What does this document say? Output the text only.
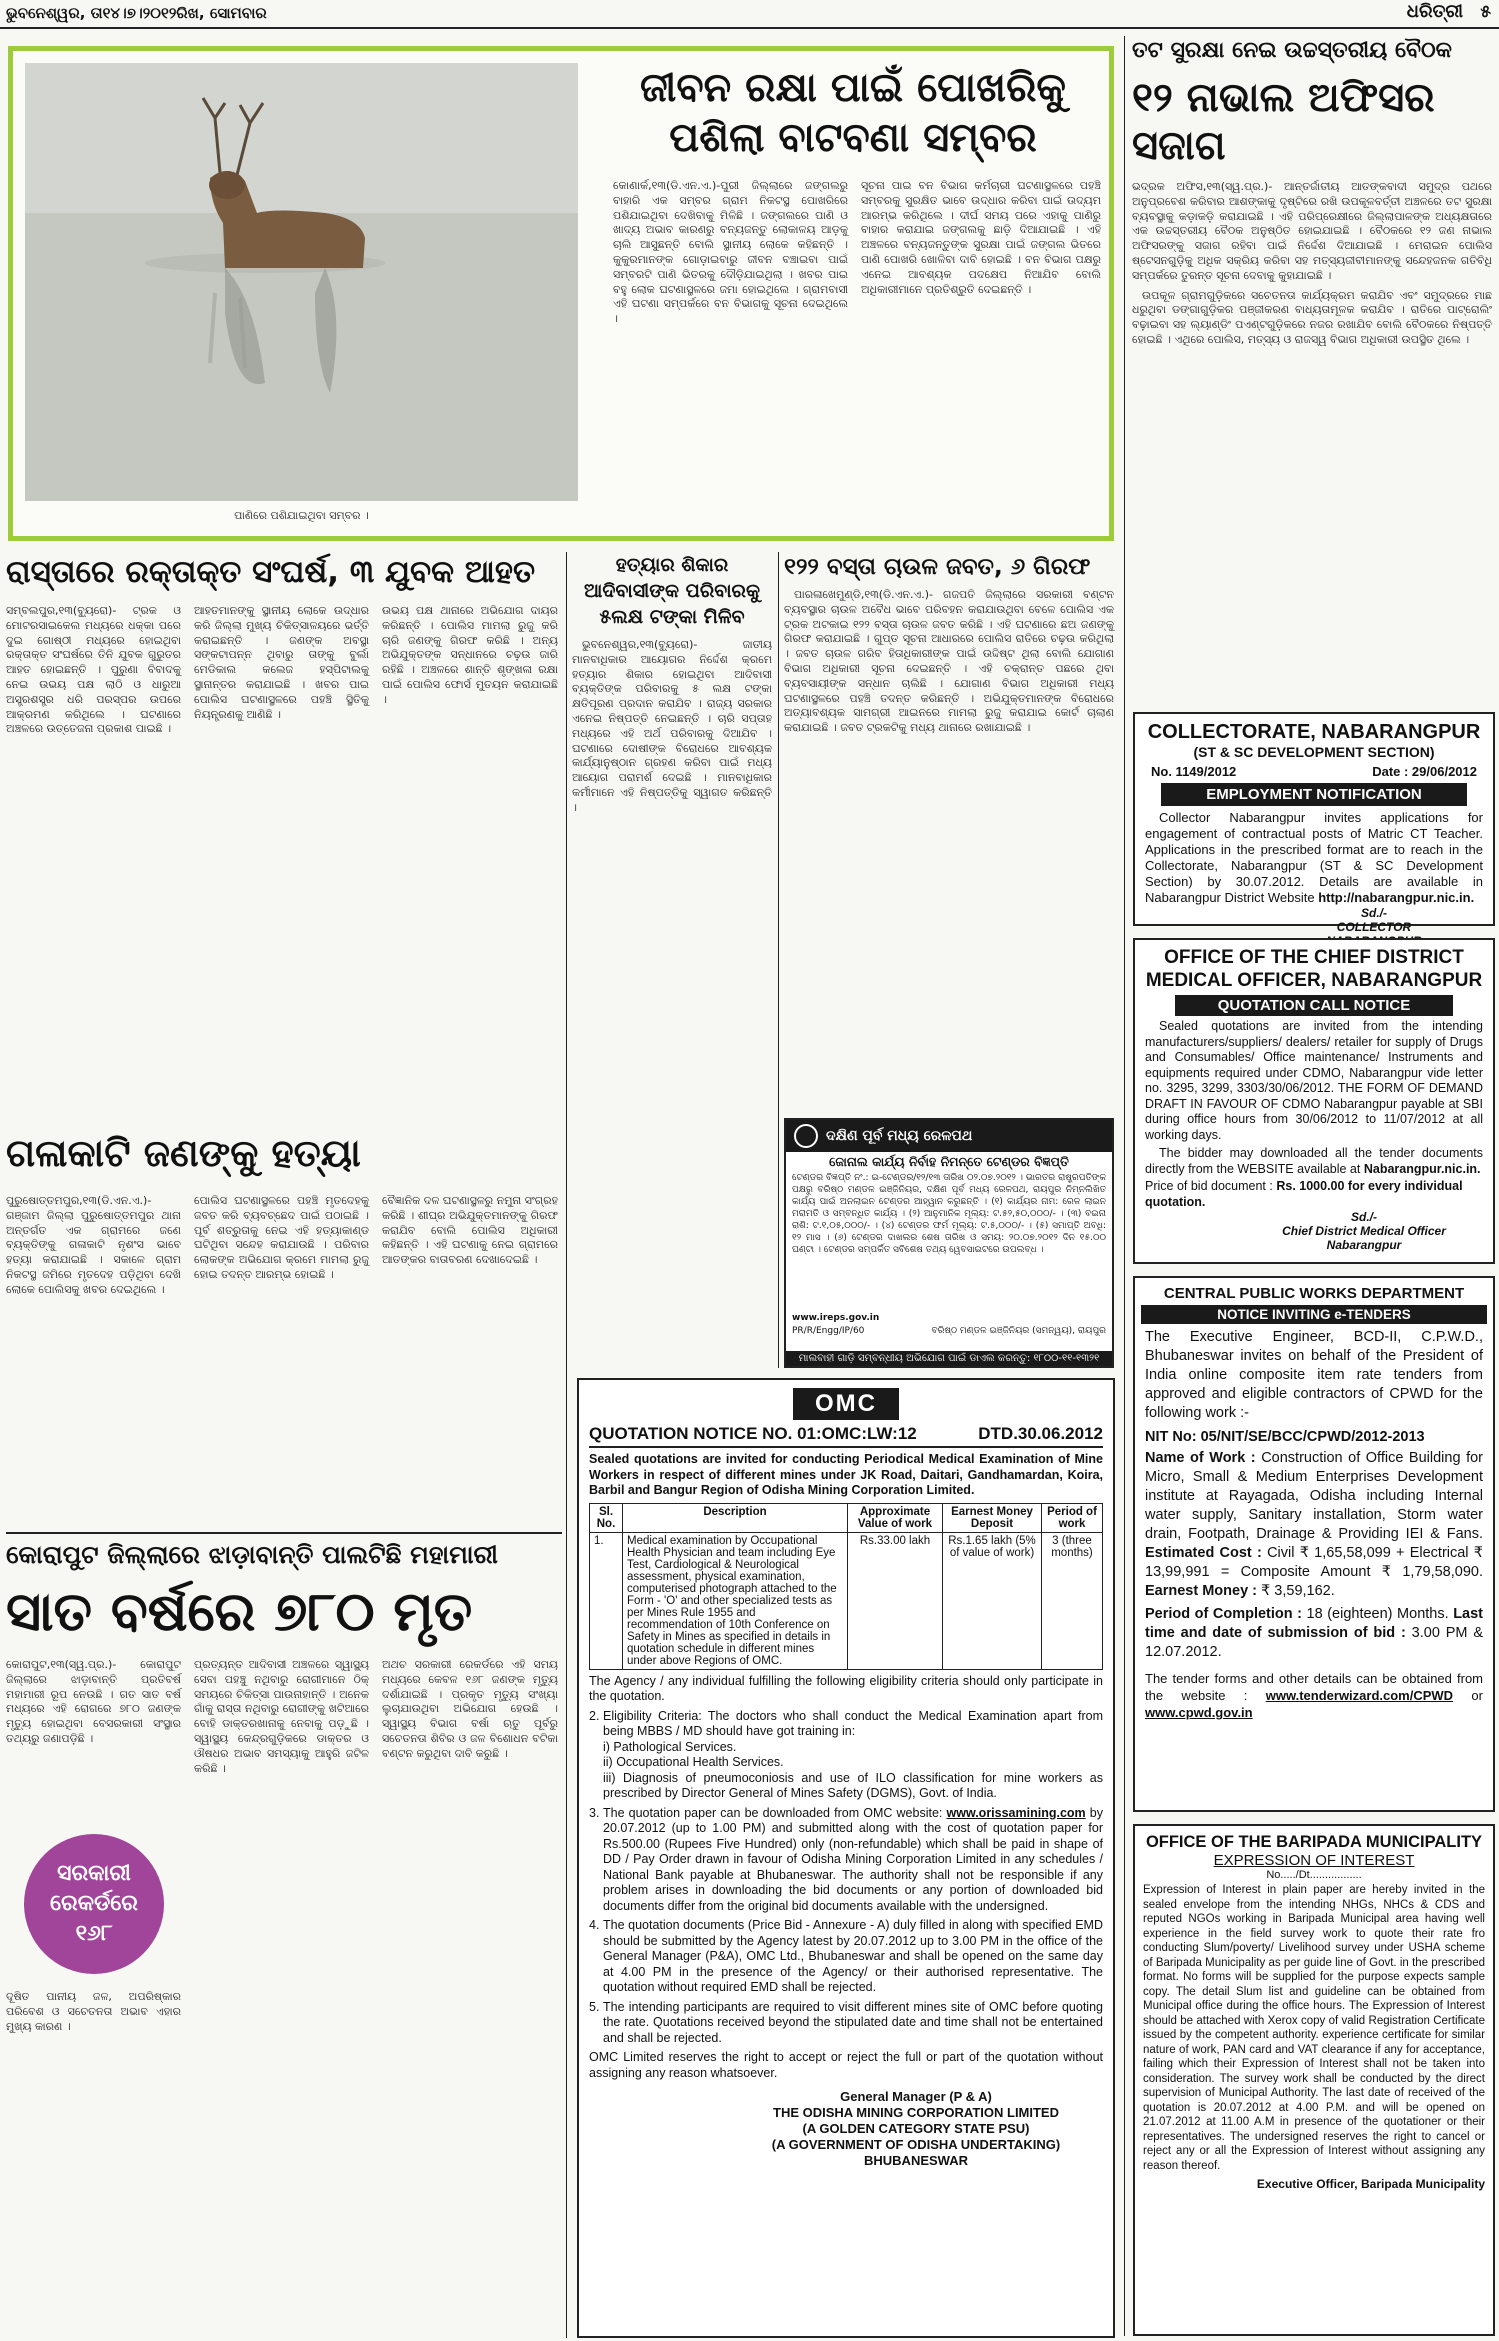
ଭୁବନେଶ୍ୱର, ତା୧୪।୭।୨୦୧୨ରିଖ, ସୋମବାର	ଧରିତ୍ରୀ ୫
ପାଣିରେ ପଶିଯାଇଥିବା ସମ୍ବର ।
ଜୀବନ ରକ୍ଷା ପାଇଁ ପୋଖରିକୁ ପଶିଲା ବାଟବଣା ସମ୍ବର
କୋଣାର୍କ,୧୩(ଡି.ଏନ.ଏ.)-ପୁରୀ ଜିଲ୍ଲାରେ ଜଙ୍ଗଲରୁ ବାହାରି ଏକ ସମ୍ବର ଗ୍ରାମ ନିକଟସ୍ଥ ପୋଖରିରେ ପଶିଯାଇଥିବା ଦେଖିବାକୁ ମିଳିଛି । ଜଙ୍ଗଲରେ ପାଣି ଓ ଖାଦ୍ୟ ଅଭାବ କାରଣରୁ ବନ୍ୟଜନ୍ତୁ ଲୋକାଳୟ ଆଡ଼କୁ ଚାଲି ଆସୁଛନ୍ତି ବୋଲି ସ୍ଥାନୀୟ ଲୋକେ କହିଛନ୍ତି । କୁକୁରମାନଙ୍କ ଗୋଡ଼ାଇବାରୁ ଜୀବନ ବଞ୍ଚାଇବା ପାଇଁ ସମ୍ବରଟି ପାଣି ଭିତରକୁ ଦୌଡ଼ିଯାଇଥିଲା । ଖବର ପାଇ ବହୁ ଲୋକ ଘଟଣାସ୍ଥଳରେ ଜମା ହୋଇଥିଲେ । ଗ୍ରାମବାସୀ ଏହି ଘଟଣା ସମ୍ପର୍କରେ ବନ ବିଭାଗକୁ ସୂଚନା ଦେଇଥିଲେ ।
ସୂଚନା ପାଇ ବନ ବିଭାଗ କର୍ମଚାରୀ ଘଟଣାସ୍ଥଳରେ ପହଞ୍ଚି ସମ୍ବରକୁ ସୁରକ୍ଷିତ ଭାବେ ଉଦ୍ଧାର କରିବା ପାଇଁ ଉଦ୍ୟମ ଆରମ୍ଭ କରିଥିଲେ । ଦୀର୍ଘ ସମୟ ପରେ ଏହାକୁ ପାଣିରୁ ବାହାର କରାଯାଇ ଜଙ୍ଗଲକୁ ଛାଡ଼ି ଦିଆଯାଇଛି । ଏହି ଅଞ୍ଚଳରେ ବନ୍ୟଜନ୍ତୁଙ୍କ ସୁରକ୍ଷା ପାଇଁ ଜଙ୍ଗଲ ଭିତରେ ପାଣି ପୋଖରି ଖୋଳିବା ଦାବି ହୋଇଛି । ବନ ବିଭାଗ ପକ୍ଷରୁ ଏନେଇ ଆବଶ୍ୟକ ପଦକ୍ଷେପ ନିଆଯିବ ବୋଲି ଅଧିକାରୀମାନେ ପ୍ରତିଶ୍ରୁତି ଦେଇଛନ୍ତି ।
ତଟ ସୁରକ୍ଷା ନେଇ ଉଚ୍ଚସ୍ତରୀୟ ବୈଠକ
୧୨ ନାଭାଲ ଅଫିସର ସଜାଗ
ଭଦ୍ରକ ଅଫିସ,୧୩(ସ୍ୱ.ପ୍ର.)- ଆନ୍ତର୍ଜାତୀୟ ଆତଙ୍କବାଦୀ ସମୁଦ୍ର ପଥରେ ଅନୁପ୍ରବେଶ କରିବାର ଆଶଙ୍କାକୁ ଦୃଷ୍ଟିରେ ରଖି ଉପକୂଳବର୍ତ୍ତୀ ଅଞ୍ଚଳରେ ତଟ ସୁରକ୍ଷା ବ୍ୟବସ୍ଥାକୁ କଡ଼ାକଡ଼ି କରାଯାଇଛି । ଏହି ପରିପ୍ରେକ୍ଷୀରେ ଜିଲ୍ଲାପାଳଙ୍କ ଅଧ୍ୟକ୍ଷତାରେ ଏକ ଉଚ୍ଚସ୍ତରୀୟ ବୈଠକ ଅନୁଷ୍ଠିତ ହୋଇଯାଇଛି । ବୈଠକରେ ୧୨ ଜଣ ନାଭାଲ ଅଫିସରଙ୍କୁ ସଜାଗ ରହିବା ପାଇଁ ନିର୍ଦ୍ଦେଶ ଦିଆଯାଇଛି । ମେରାଇନ ପୋଲିସ ଷ୍ଟେସନଗୁଡ଼ିକୁ ଅଧିକ ସକ୍ରିୟ କରିବା ସହ ମତ୍ସ୍ୟଜୀବୀମାନଙ୍କୁ ସନ୍ଦେହଜନକ ଗତିବିଧି ସମ୍ପର୍କରେ ତୁରନ୍ତ ସୂଚନା ଦେବାକୁ କୁହାଯାଇଛି ।
ଉପକୂଳ ଗ୍ରାମଗୁଡ଼ିକରେ ସଚେତନତା କାର୍ଯ୍ୟକ୍ରମ କରାଯିବ ଏବଂ ସମୁଦ୍ରରେ ମାଛ ଧରୁଥିବା ଡଙ୍ଗାଗୁଡ଼ିକର ପଞ୍ଜୀକରଣ ବାଧ୍ୟତାମୂଳକ କରାଯିବ । ରାତିରେ ପାଟ୍ରୋଲିଂ ବଢ଼ାଇବା ସହ ଲ୍ୟାଣ୍ଡିଂ ପଏଣ୍ଟଗୁଡ଼ିକରେ ନଜର ରଖାଯିବ ବୋଲି ବୈଠକରେ ନିଷ୍ପତ୍ତି ହୋଇଛି । ଏଥିରେ ପୋଲିସ, ମତ୍ସ୍ୟ ଓ ରାଜସ୍ୱ ବିଭାଗ ଅଧିକାରୀ ଉପସ୍ଥିତ ଥିଲେ ।
COLLECTORATE, NABARANGPUR
(ST & SC DEVELOPMENT SECTION)
No. 1149/2012	Date : 29/06/2012
EMPLOYMENT NOTIFICATION
Collector Nabarangpur invites applications for engagement of contractual posts of Matric CT Teacher. Applications in the prescribed format are to reach in the Collectorate, Nabarangpur (ST & SC Development Section) by 30.07.2012. Details are available in Nabarangpur District Website http://nabarangpur.nic.in.
Sd./-
COLLECTOR
OFFICE OF THE CHIEF DISTRICT MEDICAL OFFICER, NABARANGPUR
QUOTATION CALL NOTICE
Sealed quotations are invited from the intending manufacturers/suppliers/ dealers/ retailer for supply of Drugs and Consumables/ Office maintenance/ Instruments and equipments required under CDMO, Nabarangpur vide letter no. 3295, 3299, 3303/30/06/2012. THE FORM OF DEMAND DRAFT IN FAVOUR OF CDMO Nabarangpur payable at SBI during office hours from 30/06/2012 to 11/07/2012 at all working days.
The bidder may downloaded all the tender documents directly from the WEBSITE available at Nabarangpur.nic.in.
Price of bid document : Rs. 1000.00 for every individual quotation.
Sd./-
Chief District Medical Officer
Nabarangpur
CENTRAL PUBLIC WORKS DEPARTMENT
NOTICE INVITING e-TENDERS
The Executive Engineer, BCD-II, C.P.W.D., Bhubaneswar invites on behalf of the President of India online composite item rate tenders from approved and eligible contractors of CPWD for the following work :-
NIT No: 05/NIT/SE/BCC/CPWD/2012-2013
Name of Work : Construction of Office Building for Micro, Small & Medium Enterprises Development institute at Rayagada, Odisha including Internal water supply, Sanitary installation, Storm water drain, Footpath, Drainage & Providing IEI & Fans. Estimated Cost : Civil ₹ 1,65,58,099 + Electrical ₹ 13,99,991 = Composite Amount ₹ 1,79,58,090. Earnest Money : ₹ 3,59,162.
Period of Completion : 18 (eighteen) Months. Last time and date of submission of bid : 3.00 PM & 12.07.2012.
The tender forms and other details can be obtained from the website : www.tenderwizard.com/CPWD or www.cpwd.gov.in
OFFICE OF THE BARIPADA MUNICIPALITY
EXPRESSION OF INTEREST
No...../Dt.................
Expression of Interest in plain paper are hereby invited in the sealed envelope from the intending NHGs, NHCs & CDS and reputed NGOs working in Baripada Municipal area having well experience in the field survey work to quote their rate fro conducting Slum/poverty/ Livelihood survey under USHA scheme of Baripada Municipality as per guide line of Govt. in the prescribed format. No forms will be supplied for the purpose expects sample copy. The detail Slum list and guideline can be obtained from Municipal office during the office hours. The Expression of Interest should be attached with Xerox copy of valid Registration Certificate issued by the competent authority. experience certificate for similar nature of work, PAN card and VAT clearance if any for acceptance, failing which their Expression of Interest shall not be taken into consideration. The survey work shall be conducted by the direct supervision of Municipal Authority. The last date of received of the quotation is 20.07.2012 at 4.00 P.M. and will be opened on 21.07.2012 at 11.00 A.M in presence of the quotationer or their representatives. The undersigned reserves the right to cancel or reject any or all the Expression of Interest without assigning any reason thereof.
Executive Officer, Baripada Municipality
ରାସ୍ତାରେ ରକ୍ତାକ୍ତ ସଂଘର୍ଷ, ୩ ଯୁବକ ଆହତ
ସମ୍ବଲପୁର,୧୩(ବ୍ୟୁରୋ)- ଟ୍ରକ ଓ ମୋଟରସାଇକେଲ ମଧ୍ୟରେ ଧକ୍କା ପରେ ଦୁଇ ଗୋଷ୍ଠୀ ମଧ୍ୟରେ ହୋଇଥିବା ରକ୍ତାକ୍ତ ସଂଘର୍ଷରେ ତିନି ଯୁବକ ଗୁରୁତର ଆହତ ହୋଇଛନ୍ତି । ପୁରୁଣା ବିବାଦକୁ ନେଇ ଉଭୟ ପକ୍ଷ ଲାଠି ଓ ଧାରୁଆ ଅସ୍ତ୍ରଶସ୍ତ୍ର ଧରି ପରସ୍ପର ଉପରେ ଆକ୍ରମଣ କରିଥିଲେ । ଘଟଣାରେ ଅଞ୍ଚଳରେ ଉତ୍ତେଜନା ପ୍ରକାଶ ପାଇଛି ।
ଆହତମାନଙ୍କୁ ସ୍ଥାନୀୟ ଲୋକେ ଉଦ୍ଧାର କରି ଜିଲ୍ଲା ମୁଖ୍ୟ ଚିକିତ୍ସାଳୟରେ ଭର୍ତ୍ତି କରାଇଛନ୍ତି । ଜଣଙ୍କ ଅବସ୍ଥା ସଙ୍କଟାପନ୍ନ ଥିବାରୁ ତାଙ୍କୁ ବୁର୍ଲା ମେଡିକାଲ କଲେଜ ହସ୍ପିଟାଲକୁ ସ୍ଥାନାନ୍ତର କରାଯାଇଛି । ଖବର ପାଇ ପୋଲିସ ଘଟଣାସ୍ଥଳରେ ପହଞ୍ଚି ସ୍ଥିତିକୁ ନିୟନ୍ତ୍ରଣକୁ ଆଣିଛି ।
ଉଭୟ ପକ୍ଷ ଥାନାରେ ଅଭିଯୋଗ ଦାୟର କରିଛନ୍ତି । ପୋଲିସ ମାମଲା ରୁଜୁ କରି ଚାରି ଜଣଙ୍କୁ ଗିରଫ କରିଛି । ଅନ୍ୟ ଅଭିଯୁକ୍ତଙ୍କ ସନ୍ଧାନରେ ଚଢ଼ଉ ଜାରି ରହିଛି । ଅଞ୍ଚଳରେ ଶାନ୍ତି ଶୃଙ୍ଖଳା ରକ୍ଷା ପାଇଁ ପୋଲିସ ଫୋର୍ସ ମୁତୟନ କରାଯାଇଛି ।
ଗଳାକାଟି ଜଣଙ୍କୁ ହତ୍ୟା
ପୁରୁଷୋତ୍ତମପୁର,୧୩(ଡି.ଏନ.ଏ.)- ଗଞ୍ଜାମ ଜିଲ୍ଲା ପୁରୁଷୋତ୍ତମପୁର ଥାନା ଅନ୍ତର୍ଗତ ଏକ ଗ୍ରାମରେ ଜଣେ ବ୍ୟକ୍ତିଙ୍କୁ ଗଳାକାଟି ନୃଶଂସ ଭାବେ ହତ୍ୟା କରାଯାଇଛି । ସକାଳେ ଗ୍ରାମ ନିକଟସ୍ଥ ଜମିରେ ମୃତଦେହ ପଡ଼ିଥିବା ଦେଖି ଲୋକେ ପୋଲିସକୁ ଖବର ଦେଇଥିଲେ ।
ପୋଲିସ ଘଟଣାସ୍ଥଳରେ ପହଞ୍ଚି ମୃତଦେହକୁ ଜବତ କରି ବ୍ୟବଚ୍ଛେଦ ପାଇଁ ପଠାଇଛି । ପୂର୍ବ ଶତ୍ରୁତାକୁ ନେଇ ଏହି ହତ୍ୟାକାଣ୍ଡ ଘଟିଥିବା ସନ୍ଦେହ କରାଯାଉଛି । ପରିବାର ଲୋକଙ୍କ ଅଭିଯୋଗ କ୍ରମେ ମାମଲା ରୁଜୁ ହୋଇ ତଦନ୍ତ ଆରମ୍ଭ ହୋଇଛି ।
ବୈଜ୍ଞାନିକ ଦଳ ଘଟଣାସ୍ଥଳରୁ ନମୁନା ସଂଗ୍ରହ କରିଛି । ଶୀଘ୍ର ଅଭିଯୁକ୍ତମାନଙ୍କୁ ଗିରଫ କରାଯିବ ବୋଲି ପୋଲିସ ଅଧିକାରୀ କହିଛନ୍ତି । ଏହି ଘଟଣାକୁ ନେଇ ଗ୍ରାମରେ ଆତଙ୍କର ବାତାବରଣ ଦେଖାଦେଇଛି ।
କୋରାପୁଟ ଜିଲ୍ଲାରେ ଝାଡ଼ାବାନ୍ତି ପାଲଟିଛି ମହାମାରୀ
ସାତ ବର୍ଷରେ ୭୮୦ ମୃତ
କୋରାପୁଟ,୧୩(ସ୍ୱ.ପ୍ର.)- କୋରାପୁଟ ଜିଲ୍ଲାରେ ଝାଡ଼ାବାନ୍ତି ପ୍ରତିବର୍ଷ ମହାମାରୀ ରୂପ ନେଉଛି । ଗତ ସାତ ବର୍ଷ ମଧ୍ୟରେ ଏହି ରୋଗରେ ୭୮୦ ଜଣଙ୍କ ମୃତ୍ୟୁ ହୋଇଥିବା ବେସରକାରୀ ସଂସ୍ଥାର ତଥ୍ୟରୁ ଜଣାପଡ଼ିଛି ।
ସରକାରୀ ରେକର୍ଡରେ ୧୬୮
ଦୂଷିତ ପାନୀୟ ଜଳ, ଅପରିଷ୍କାର ପରିବେଶ ଓ ସଚେତନତା ଅଭାବ ଏହାର ମୁଖ୍ୟ କାରଣ ।
ପ୍ରତ୍ୟନ୍ତ ଆଦିବାସୀ ଅଞ୍ଚଳରେ ସ୍ୱାସ୍ଥ୍ୟ ସେବା ପହଞ୍ଚୁ ନଥିବାରୁ ରୋଗୀମାନେ ଠିକ୍ ସମୟରେ ଚିକିତ୍ସା ପାଉନାହାନ୍ତି । ଅନେକ ଗାଁକୁ ରାସ୍ତା ନଥିବାରୁ ରୋଗୀଙ୍କୁ ଖଟିଆରେ ବୋହି ଡାକ୍ତରଖାନାକୁ ନେବାକୁ ପଡ଼ୁଛି । ସ୍ୱାସ୍ଥ୍ୟ କେନ୍ଦ୍ରଗୁଡ଼ିକରେ ଡାକ୍ତର ଓ ଔଷଧର ଅଭାବ ସମସ୍ୟାକୁ ଆହୁରି ଜଟିଳ କରିଛି ।
ଅଥଚ ସରକାରୀ ରେକର୍ଡରେ ଏହି ସମୟ ମଧ୍ୟରେ କେବଳ ୧୬୮ ଜଣଙ୍କ ମୃତ୍ୟୁ ଦର୍ଶାଯାଇଛି । ପ୍ରକୃତ ମୃତ୍ୟୁ ସଂଖ୍ୟା ଲୁଚାଯାଉଥିବା ଅଭିଯୋଗ ହେଉଛି । ସ୍ୱାସ୍ଥ୍ୟ ବିଭାଗ ବର୍ଷା ଋତୁ ପୂର୍ବରୁ ସଚେତନତା ଶିବିର ଓ ଜଳ ବିଶୋଧନ ବଟିକା ବଣ୍ଟନ କରୁଥିବା ଦାବି କରୁଛି ।
ହତ୍ୟାର ଶିକାର ଆଦିବାସୀଙ୍କ ପରିବାରକୁ ୫ଲକ୍ଷ ଟଙ୍କା ମିଳିବ
ଭୁବନେଶ୍ୱର,୧୩(ବ୍ୟୁରୋ)- ଜାତୀୟ ମାନବାଧିକାର ଆୟୋଗର ନିର୍ଦ୍ଦେଶ କ୍ରମେ ହତ୍ୟାର ଶିକାର ହୋଇଥିବା ଆଦିବାସୀ ବ୍ୟକ୍ତିଙ୍କ ପରିବାରକୁ ୫ ଲକ୍ଷ ଟଙ୍କା କ୍ଷତିପୂରଣ ପ୍ରଦାନ କରାଯିବ । ରାଜ୍ୟ ସରକାର ଏନେଇ ନିଷ୍ପତ୍ତି ନେଇଛନ୍ତି । ଚାରି ସପ୍ତାହ ମଧ୍ୟରେ ଏହି ଅର୍ଥ ପରିବାରକୁ ଦିଆଯିବ । ଘଟଣାରେ ଦୋଷୀଙ୍କ ବିରୋଧରେ ଆବଶ୍ୟକ କାର୍ଯ୍ୟାନୁଷ୍ଠାନ ଗ୍ରହଣ କରିବା ପାଇଁ ମଧ୍ୟ ଆୟୋଗ ପରାମର୍ଶ ଦେଇଛି । ମାନବାଧିକାର କର୍ମୀମାନେ ଏହି ନିଷ୍ପତ୍ତିକୁ ସ୍ୱାଗତ କରିଛନ୍ତି ।
୧୨୨ ବସ୍ତା ଚାଉଳ ଜବତ, ୬ ଗିରଫ
ପାରଳାଖେମୁଣ୍ଡି,୧୩(ଡି.ଏନ.ଏ.)- ଗଜପତି ଜିଲ୍ଲାରେ ସରକାରୀ ବଣ୍ଟନ ବ୍ୟବସ୍ଥାର ଚାଉଳ ଅବୈଧ ଭାବେ ପରିବହନ କରାଯାଉଥିବା ବେଳେ ପୋଲିସ ଏକ ଟ୍ରକ ଅଟକାଇ ୧୨୨ ବସ୍ତା ଚାଉଳ ଜବତ କରିଛି । ଏହି ଘଟଣାରେ ଛଅ ଜଣଙ୍କୁ ଗିରଫ କରାଯାଇଛି । ଗୁପ୍ତ ସୂଚନା ଆଧାରରେ ପୋଲିସ ରାତିରେ ଚଢ଼ଉ କରିଥିଲା । ଜବତ ଚାଉଳ ଗରିବ ହିତାଧିକାରୀଙ୍କ ପାଇଁ ଉଦ୍ଦିଷ୍ଟ ଥିଲା ବୋଲି ଯୋଗାଣ ବିଭାଗ ଅଧିକାରୀ ସୂଚନା ଦେଇଛନ୍ତି । ଏହି ଚକ୍ରାନ୍ତ ପଛରେ ଥିବା ବ୍ୟବସାୟୀଙ୍କ ସନ୍ଧାନ ଚାଲିଛି । ଯୋଗାଣ ବିଭାଗ ଅଧିକାରୀ ମଧ୍ୟ ଘଟଣାସ୍ଥଳରେ ପହଞ୍ଚି ତଦନ୍ତ କରିଛନ୍ତି । ଅଭିଯୁକ୍ତମାନଙ୍କ ବିରୋଧରେ ଅତ୍ୟାବଶ୍ୟକ ସାମଗ୍ରୀ ଆଇନରେ ମାମଲା ରୁଜୁ କରାଯାଇ କୋର୍ଟ ଚାଲାଣ କରାଯାଇଛି । ଜବତ ଟ୍ରକଟିକୁ ମଧ୍ୟ ଥାନାରେ ରଖାଯାଇଛି ।
ଦକ୍ଷିଣ ପୂର୍ବ ମଧ୍ୟ ରେଳପଥ
ଜୋନାଲ କାର୍ଯ୍ୟ ନିର୍ବାହ ନିମନ୍ତେ ଟେଣ୍ଡର ବିଜ୍ଞପ୍ତି
ଟେଣ୍ଡର ବିଜ୍ଞପ୍ତି ନଂ.: ଇ-ଟେଣ୍ଡର/୧୨/୧୩ ତାରିଖ ୦୨.୦୭.୨୦୧୨ । ଭାରତର ରାଷ୍ଟ୍ରପତିଙ୍କ ପକ୍ଷରୁ ବରିଷ୍ଠ ମଣ୍ଡଳ ଇଞ୍ଜିନିୟର, ଦକ୍ଷିଣ ପୂର୍ବ ମଧ୍ୟ ରେଳପଥ, ରାୟପୁର ନିମ୍ନଲିଖିତ କାର୍ଯ୍ୟ ପାଇଁ ଅନଲାଇନ ଟେଣ୍ଡର ଆହ୍ୱାନ କରୁଛନ୍ତି । (୧) କାର୍ଯ୍ୟର ନାମ: ରେଳ ଲାଇନ ମରାମତି ଓ ସମ୍ବନ୍ଧିତ କାର୍ଯ୍ୟ । (୨) ଆନୁମାନିକ ମୂଲ୍ୟ: ଟ.୫୨,୫୦,୦୦୦/- । (୩) ବଇନା ରାଶି: ଟ.୧,୦୫,୦୦୦/- । (୪) ଟେଣ୍ଡର ଫର୍ମ ମୂଲ୍ୟ: ଟ.୫,୦୦୦/- । (୫) ସମାପ୍ତି ଅବଧି: ୧୨ ମାସ । (୬) ଟେଣ୍ଡର ଦାଖଲର ଶେଷ ତାରିଖ ଓ ସମୟ: ୨୦.୦୭.୨୦୧୨ ଦିନ ୧୫.୦୦ ଘଣ୍ଟା । ଟେଣ୍ଡର ସମ୍ପର୍କିତ ସବିଶେଷ ତଥ୍ୟ ୱେବସାଇଟରେ ଉପଲବ୍ଧ ।
www.ireps.gov.in
PR/R/Engg/IP/60	ବରିଷ୍ଠ ମଣ୍ଡଳ ଇଞ୍ଜିନିୟର (ସମନ୍ୱୟ), ରାୟପୁର
ମାଲବାହୀ ଗାଡ଼ି ସମ୍ବନ୍ଧୀୟ ଅଭିଯୋଗ ପାଇଁ ଡାଏଲ କରନ୍ତୁ: ୧୮୦୦-୧୧-୧୩୨୧
OMC
QUOTATION NOTICE NO. 01:OMC:LW:12	DTD.30.06.2012
Sealed quotations are invited for conducting Periodical Medical Examination of Mine Workers in respect of different mines under JK Road, Daitari, Gandhamardan, Koira, Barbil and Bangur Region of Odisha Mining Corporation Limited.
Sl. No.	Description	Approximate Value of work	Earnest Money Deposit	Period of work
1.	Medical examination by Occupational Health Physician and team including Eye Test, Cardiological & Neurological assessment, physical examination, computerised photograph attached to the Form - 'O' and other specialized tests as per Mines Rule 1955 and recommendation of 10th Conference on Safety in Mines as specified in details in quotation schedule in different mines under above Regions of OMC.	Rs.33.00 lakh	Rs.1.65 lakh (5% of value of work)	3 (three months)
The Agency / any individual fulfilling the following eligibility criteria should only participate in the quotation.
2. Eligibility Criteria: The doctors who shall conduct the Medical Examination apart from being MBBS / MD should have got training in:
i) Pathological Services.
ii) Occupational Health Services.
iii) Diagnosis of pneumoconiosis and use of ILO classification for mine workers as prescribed by Director General of Mines Safety (DGMS), Govt. of India.
3. The quotation paper can be downloaded from OMC website: www.orissamining.com by 20.07.2012 (up to 1.00 PM) and submitted along with the cost of quotation paper for Rs.500.00 (Rupees Five Hundred) only (non-refundable) which shall be paid in shape of DD / Pay Order drawn in favour of Odisha Mining Corporation Limited in any schedules / National Bank payable at Bhubaneswar. The authority shall not be responsible if any problem arises in downloading the bid documents or any portion of downloaded bid documents differ from the original bid documents available with the undersigned.
4. The quotation documents (Price Bid - Annexure - A) duly filled in along with specified EMD should be submitted by the Agency latest by 20.07.2012 up to 3.00 PM in the office of the General Manager (P&A), OMC Ltd., Bhubaneswar and shall be opened on the same day at 4.00 PM in the presence of the Agency/ or their authorised representative. The quotation without required EMD shall be rejected.
5. The intending participants are required to visit different mines site of OMC before quoting the rate. Quotations received beyond the stipulated date and time shall not be entertained and shall be rejected.
OMC Limited reserves the right to accept or reject the full or part of the quotation without assigning any reason whatsoever.
General Manager (P & A)
THE ODISHA MINING CORPORATION LIMITED
(A GOLDEN CATEGORY STATE PSU)
(A GOVERNMENT OF ODISHA UNDERTAKING)
BHUBANESWAR
